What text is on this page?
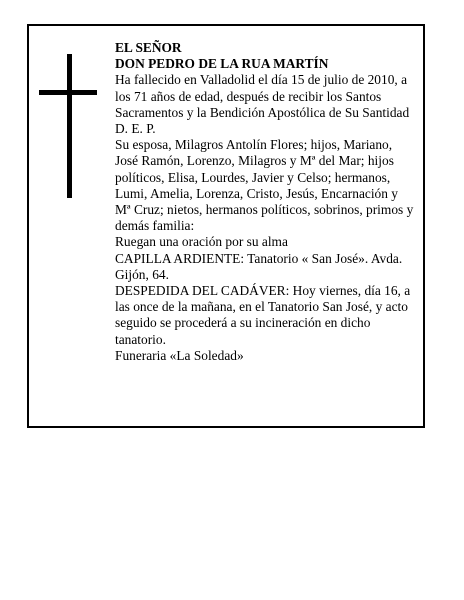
EL SEÑOR
DON PEDRO DE LA RUA MARTÍN
Ha fallecido en Valladolid el día 15 de julio de 2010, a
los 71 años de edad, después de recibir los Santos
Sacramentos y la Bendición Apostólica de Su Santidad
D. E. P.
Su esposa, Milagros Antolín Flores; hijos, Mariano,
José Ramón, Lorenzo, Milagros y Mª del Mar; hijos
políticos, Elisa, Lourdes, Javier y Celso; hermanos,
Lumi, Amelia, Lorenza, Cristo, Jesús, Encarnación y
Mª Cruz; nietos, hermanos políticos, sobrinos, primos y
demás familia:
Ruegan una oración por su alma
CAPILLA ARDIENTE: Tanatorio « San José». Avda.
Gijón, 64.
DESPEDIDA DEL CADÁVER: Hoy viernes, día 16, a
las once de la mañana, en el Tanatorio San José, y acto
seguido se procederá a su incineración en dicho
tanatorio.
Funeraria «La Soledad»
